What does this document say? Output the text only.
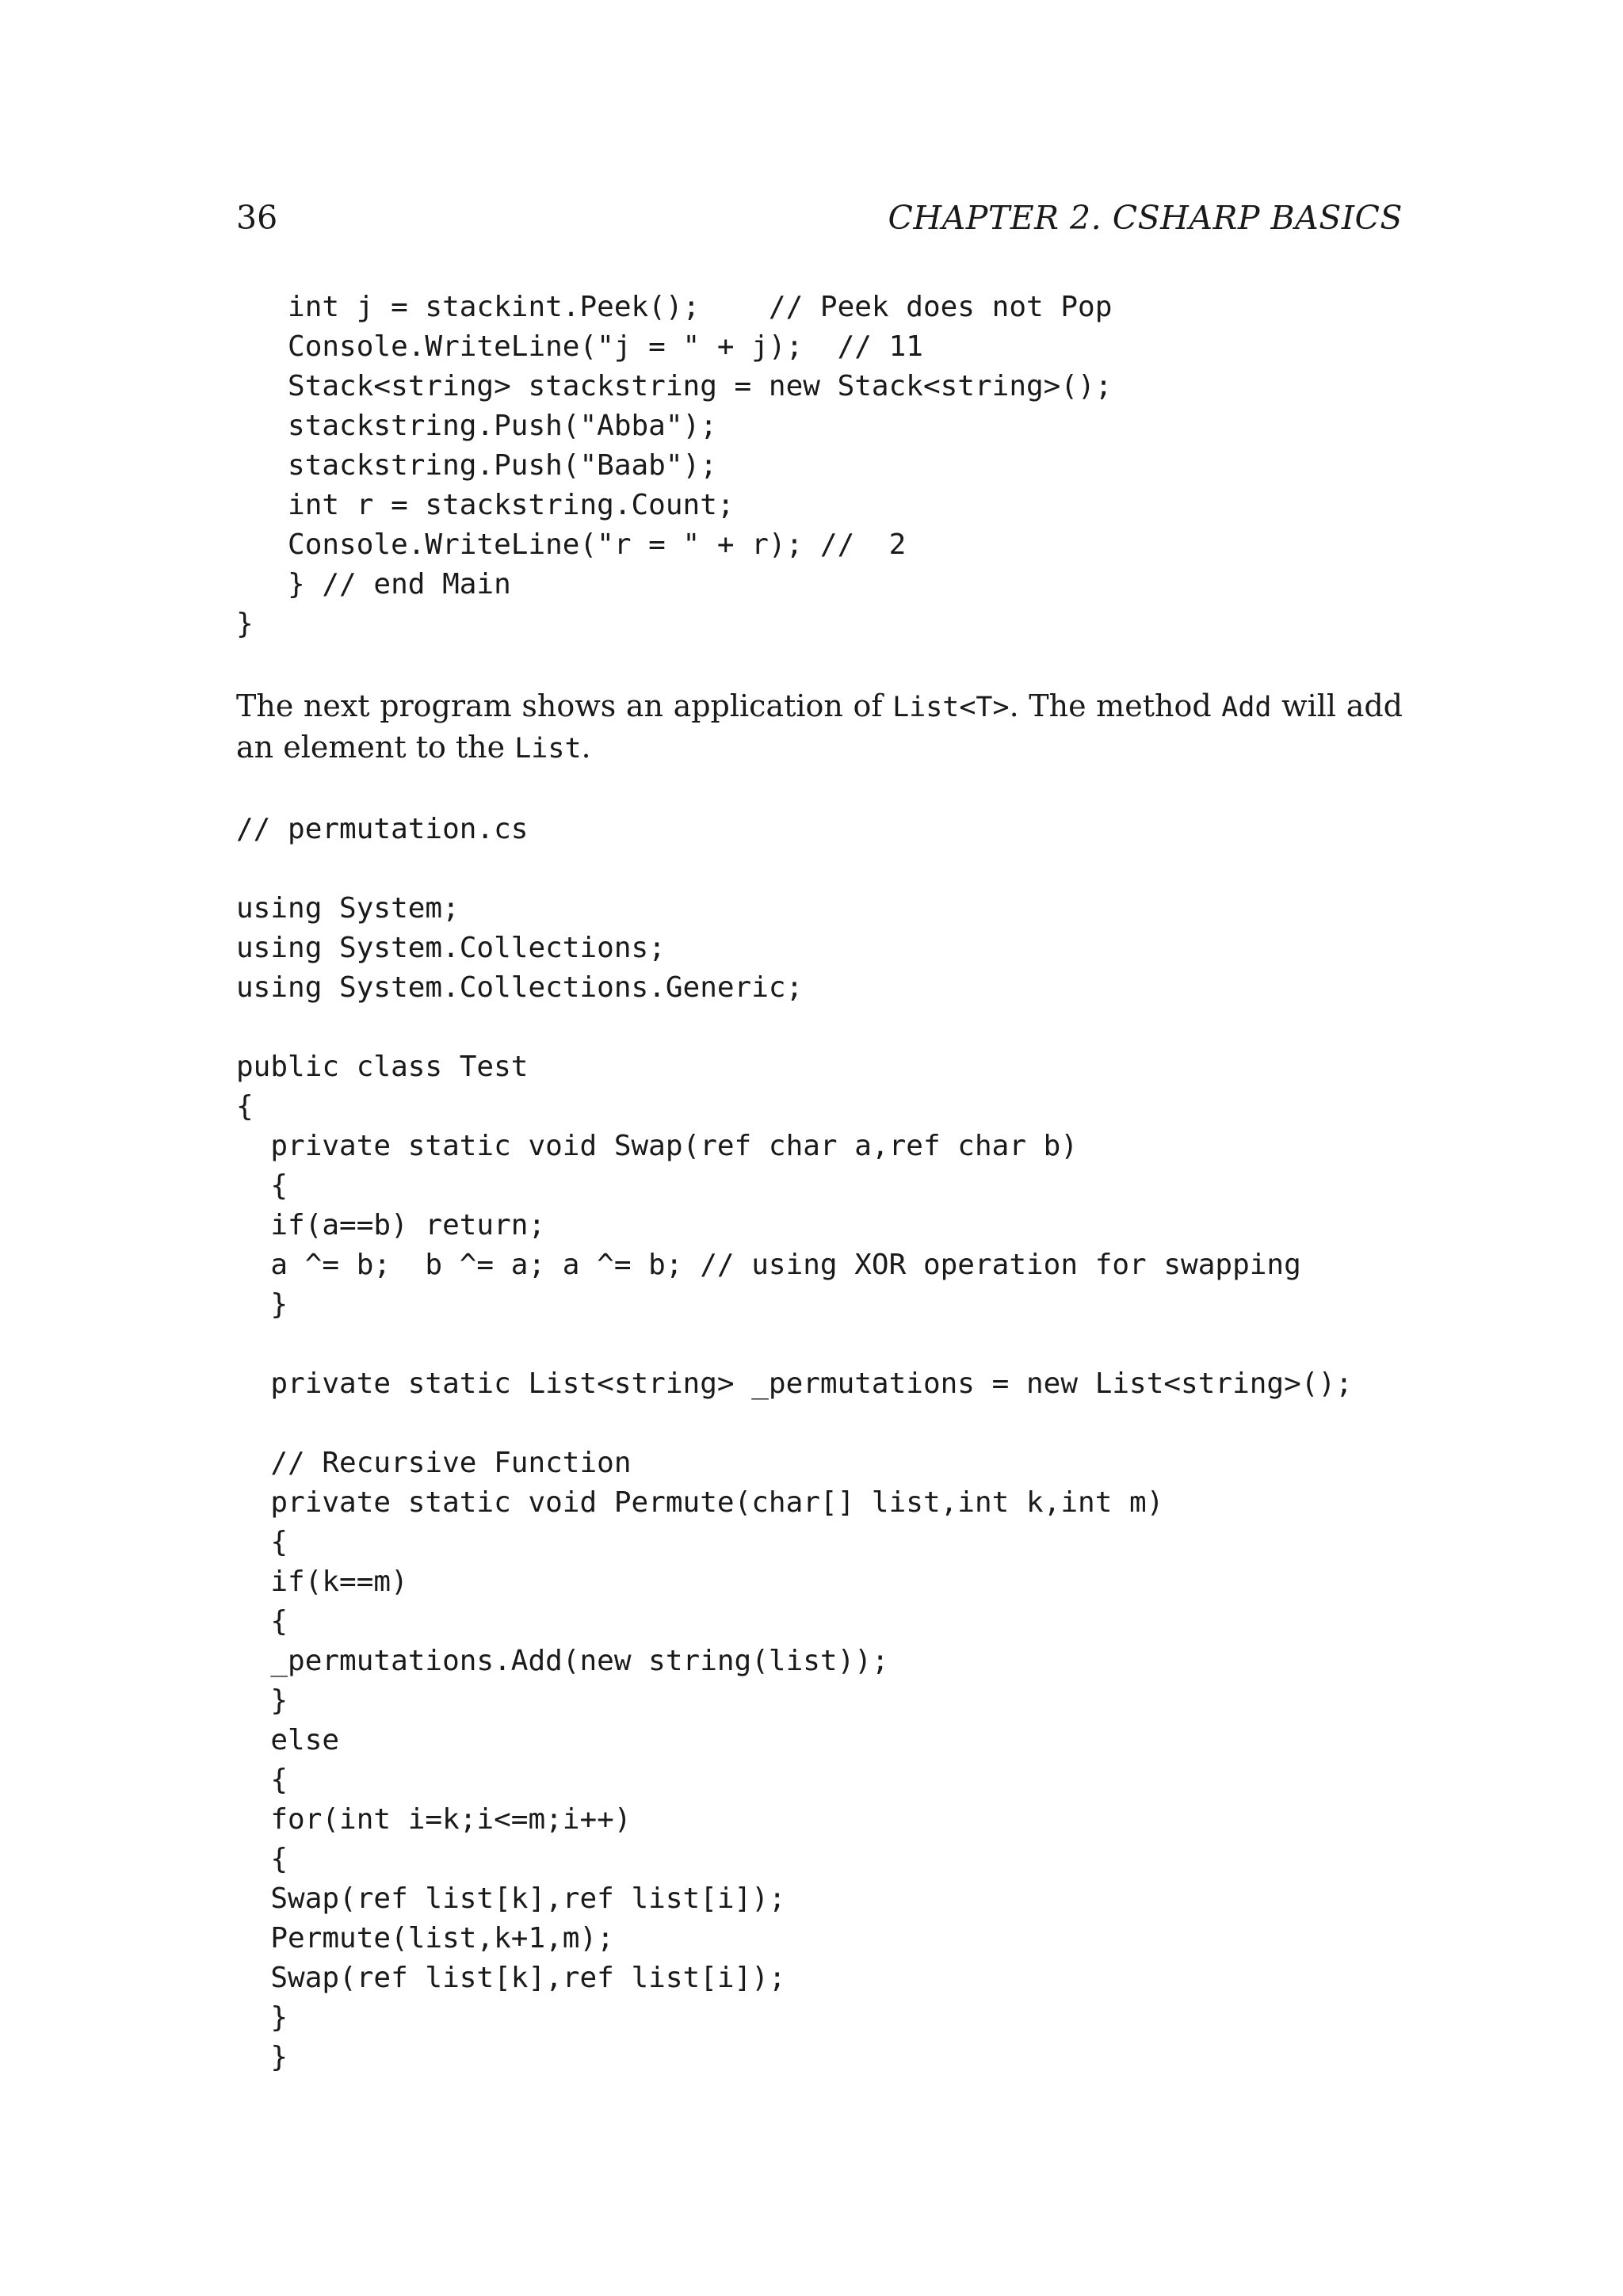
36	CHAPTER 2. CSHARP BASICS
int j = stackint.Peek();    // Peek does not Pop
Console.WriteLine("j = " + j);  // 11
Stack<string> stackstring = new Stack<string>();
stackstring.Push("Abba");
stackstring.Push("Baab");
int r = stackstring.Count;
Console.WriteLine("r = " + r); //  2
} // end Main
}

The next program shows an application of List<T>. The method Add will add an element to the List.

// permutation.cs
using System;
using System.Collections;
using System.Collections.Generic;
public class Test
{
private static void Swap(ref char a,ref char b)
{
if(a==b) return;
a ^= b;  b ^= a; a ^= b; // using XOR operation for swapping
}
private static List<string> _permutations = new List<string>();
// Recursive Function
private static void Permute(char[] list,int k,int m)
{
if(k==m)
{
_permutations.Add(new string(list));
}
else
{
for(int i=k;i<=m;i++)
{
Swap(ref list[k],ref list[i]);
Permute(list,k+1,m);
Swap(ref list[k],ref list[i]);
}
}
